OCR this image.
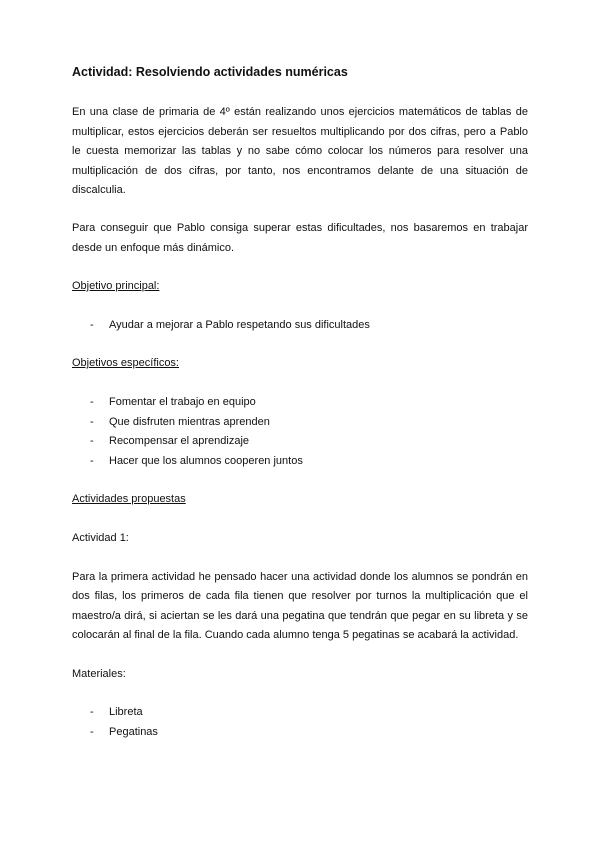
Actividad: Resolviendo actividades numéricas

En una clase de primaria de 4º están realizando unos ejercicios matemáticos de tablas de multiplicar, estos ejercicios deberán ser resueltos multiplicando por dos cifras, pero a Pablo le cuesta memorizar las tablas y no sabe cómo colocar los números para resolver una multiplicación de dos cifras, por tanto, nos encontramos delante de una situación de discalculia.

Para conseguir que Pablo consiga superar estas dificultades, nos basaremos en trabajar desde un enfoque más dinámico.

Objetivo principal:
- Ayudar a mejorar a Pablo respetando sus dificultades
Objetivos específicos:
- Fomentar el trabajo en equipo
- Que disfruten mientras aprenden
- Recompensar el aprendizaje
- Hacer que los alumnos cooperen juntos
Actividades propuestas
Actividad 1:

Para la primera actividad he pensado hacer una actividad donde los alumnos se pondrán en dos filas, los primeros de cada fila tienen que resolver por turnos la multiplicación que el maestro/a dirá, si aciertan se les dará una pegatina que tendrán que pegar en su libreta y se colocarán al final de la fila. Cuando cada alumno tenga 5 pegatinas se acabará la actividad.

Materiales:
- Libreta
- Pegatinas
